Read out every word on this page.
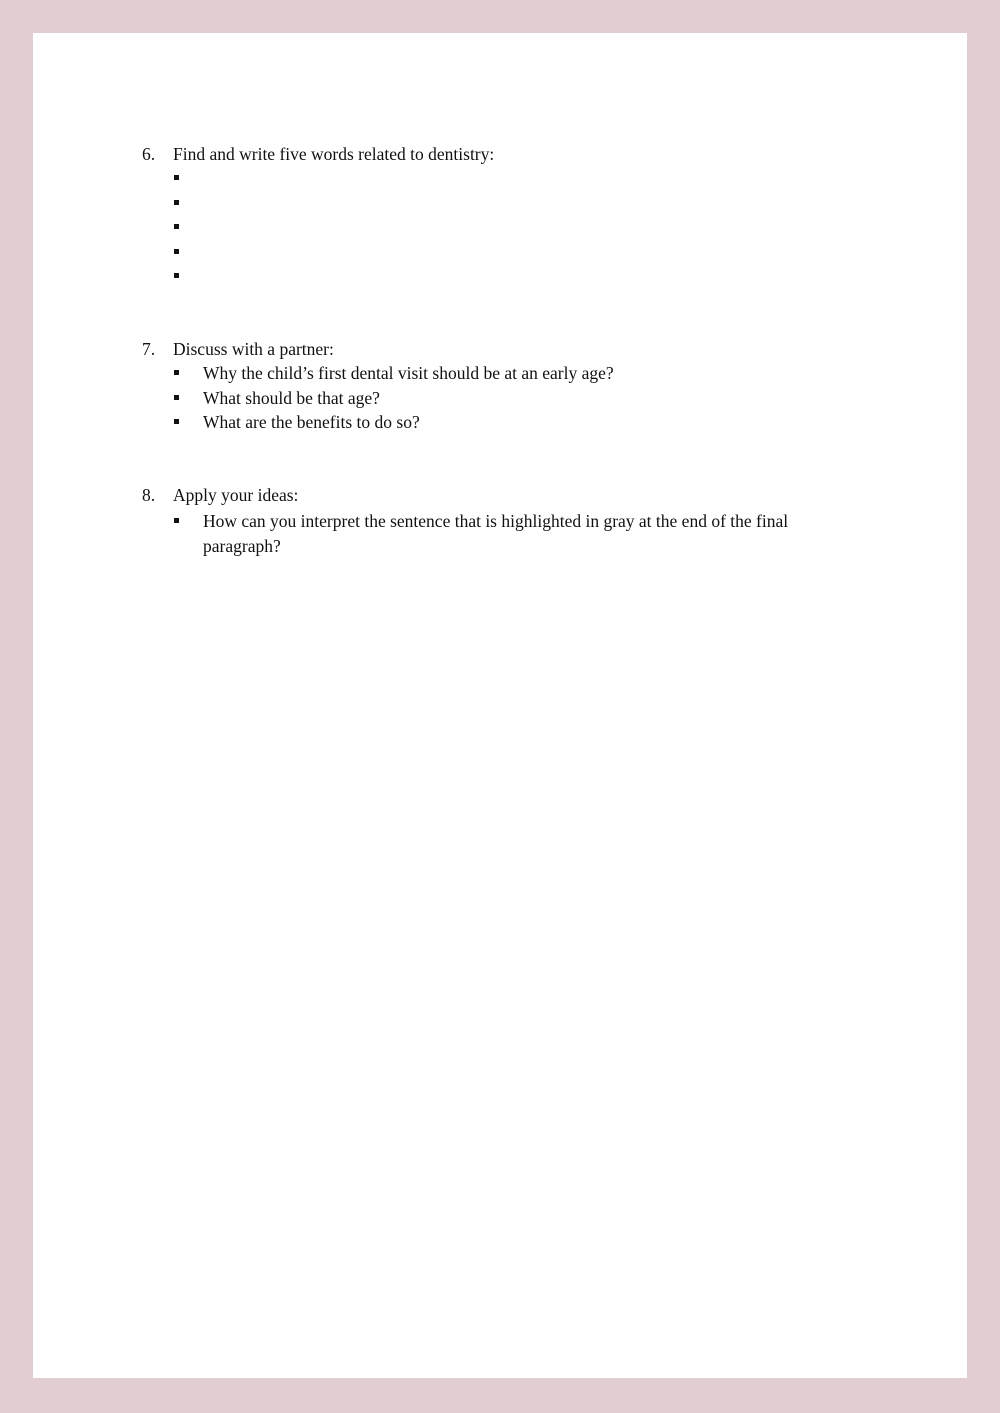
6.	Find and write five words related to dentistry:
7.	Discuss with a partner:
Why the child’s first dental visit should be at an early age?
What should be that age?
What are the benefits to do so?
8.	Apply your ideas:
How can you interpret the sentence that is highlighted in gray at the end of the final paragraph?
